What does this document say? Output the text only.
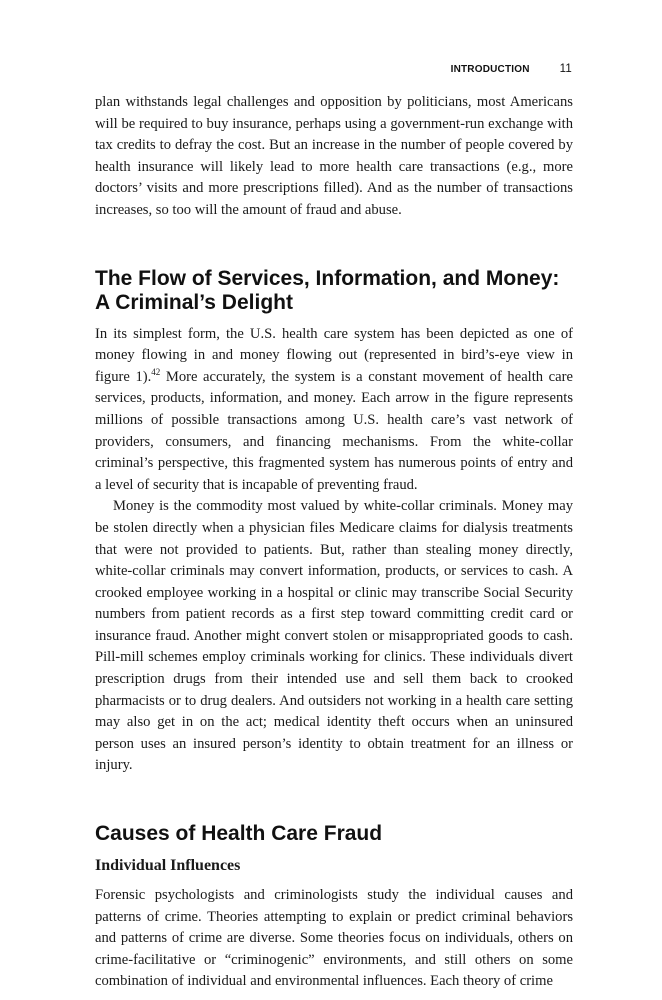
INTRODUCTION	11

plan withstands legal challenges and opposition by politicians, most Americans will be required to buy insurance, perhaps using a government-run exchange with tax credits to defray the cost. But an increase in the number of people covered by health insurance will likely lead to more health care transactions (e.g., more doctors’ visits and more prescriptions filled). And as the number of transactions increases, so too will the amount of fraud and abuse.

The Flow of Services, Information, and Money:
A Criminal’s Delight

In its simplest form, the U.S. health care system has been depicted as one of money flowing in and money flowing out (represented in bird’s-eye view in figure 1).$^{42}$ More accurately, the system is a constant movement of health care services, products, information, and money. Each arrow in the figure represents millions of possible transactions among U.S. health care’s vast network of providers, consumers, and financing mechanisms. From the white-collar criminal’s perspective, this fragmented system has numerous points of entry and a level of security that is incapable of preventing fraud.

Money is the commodity most valued by white-collar criminals. Money may be stolen directly when a physician files Medicare claims for dialysis treatments that were not provided to patients. But, rather than stealing money directly, white-collar criminals may convert information, products, or services to cash. A crooked employee working in a hospital or clinic may transcribe Social Security numbers from patient records as a first step toward committing credit card or insurance fraud. Another might convert stolen or misappropriated goods to cash. Pill-mill schemes employ criminals working for clinics. These individuals divert prescription drugs from their intended use and sell them back to crooked pharmacists or to drug dealers. And outsiders not working in a health care setting may also get in on the act; medical identity theft occurs when an uninsured person uses an insured person’s identity to obtain treatment for an illness or injury.

Causes of Health Care Fraud
Individual Influences

Forensic psychologists and criminologists study the individual causes and patterns of crime. Theories attempting to explain or predict criminal behaviors and patterns of crime are diverse. Some theories focus on individuals, others on crime-facilitative or “criminogenic” environments, and still others on some combination of individual and environmental influences. Each theory of crime
